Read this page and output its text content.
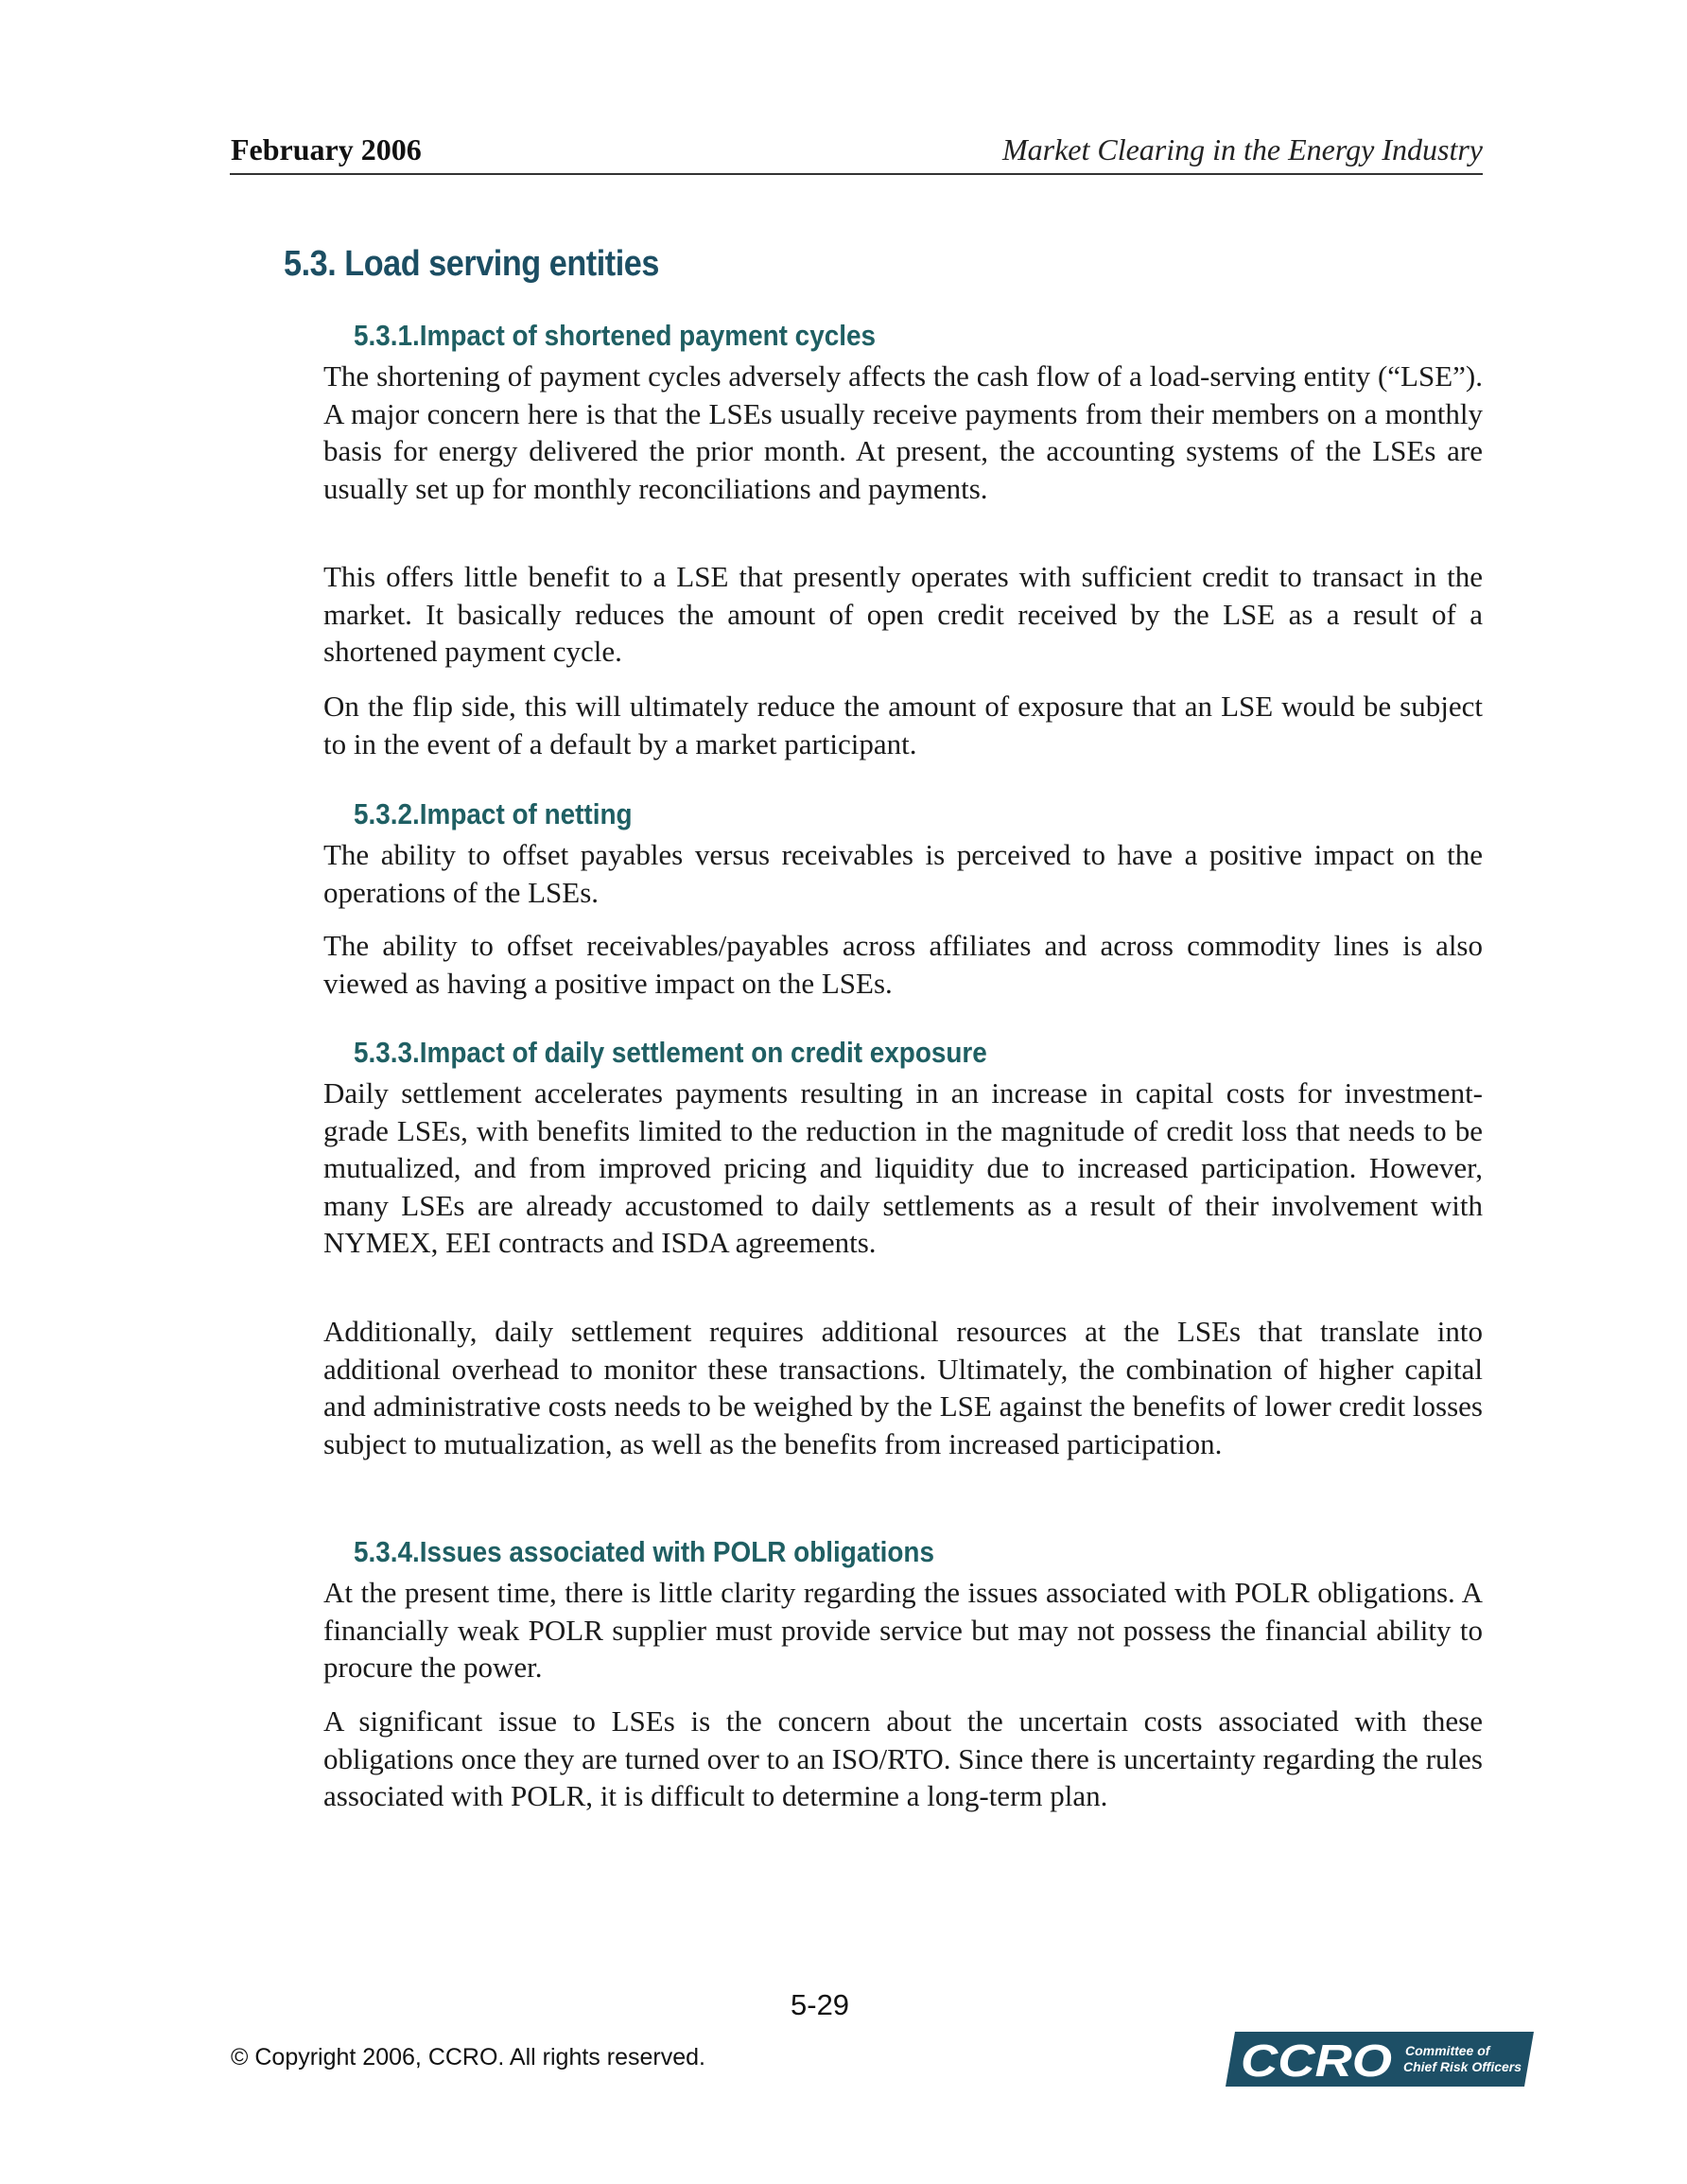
February 2006	Market Clearing in the Energy Industry
5.3. Load serving entities
5.3.1.Impact of shortened payment cycles
The shortening of payment cycles adversely affects the cash flow of a load-serving entity (“LSE”). A major concern here is that the LSEs usually receive payments from their members on a monthly basis for energy delivered the prior month. At present, the accounting systems of the LSEs are usually set up for monthly reconciliations and payments.
This offers little benefit to a LSE that presently operates with sufficient credit to transact in the market. It basically reduces the amount of open credit received by the LSE as a result of a shortened payment cycle.
On the flip side, this will ultimately reduce the amount of exposure that an LSE would be subject to in the event of a default by a market participant.
5.3.2.Impact of netting
The ability to offset payables versus receivables is perceived to have a positive impact on the operations of the LSEs.
The ability to offset receivables/payables across affiliates and across commodity lines is also viewed as having a positive impact on the LSEs.
5.3.3.Impact of daily settlement on credit exposure
Daily settlement accelerates payments resulting in an increase in capital costs for investment-grade LSEs, with benefits limited to the reduction in the magnitude of credit loss that needs to be mutualized, and from improved pricing and liquidity due to increased participation. However, many LSEs are already accustomed to daily settlements as a result of their involvement with NYMEX, EEI contracts and ISDA agreements.
Additionally, daily settlement requires additional resources at the LSEs that translate into additional overhead to monitor these transactions. Ultimately, the combination of higher capital and administrative costs needs to be weighed by the LSE against the benefits of lower credit losses subject to mutualization, as well as the benefits from increased participation.
5.3.4.Issues associated with POLR obligations
At the present time, there is little clarity regarding the issues associated with POLR obligations. A financially weak POLR supplier must provide service but may not possess the financial ability to procure the power.
A significant issue to LSEs is the concern about the uncertain costs associated with these obligations once they are turned over to an ISO/RTO. Since there is uncertainty regarding the rules associated with POLR, it is difficult to determine a long-term plan.
5-29
© Copyright 2006, CCRO. All rights reserved.	CCRO Committee of
Chief Risk Officers
